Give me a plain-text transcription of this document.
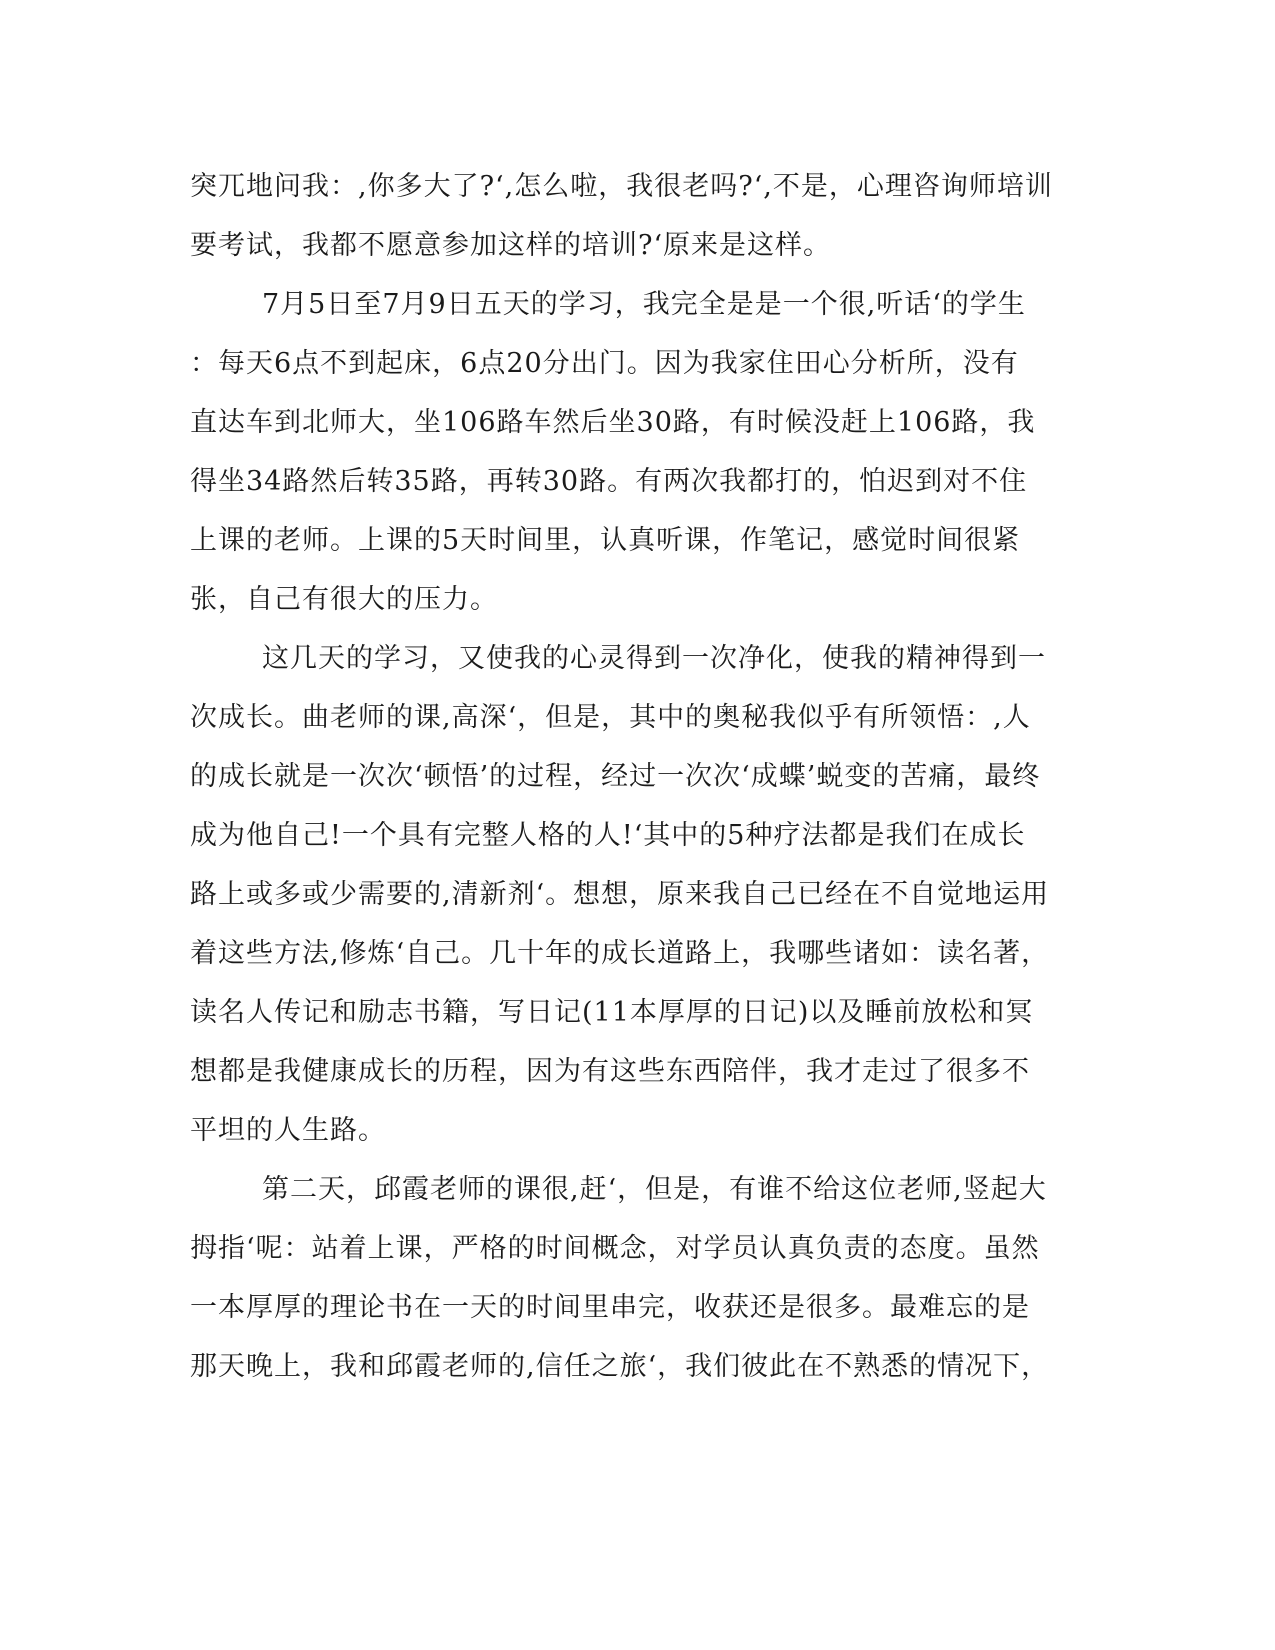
突兀地问我：,你多大了?‘,怎么啦，我很老吗?‘,不是，心理咨询师培训
要考试，我都不愿意参加这样的培训?‘原来是这样。
7月5日至7月9日五天的学习，我完全是是一个很,听话‘的学生
：每天6点不到起床，6点20分出门。因为我家住田心分析所，没有
直达车到北师大，坐106路车然后坐30路，有时候没赶上106路，我
得坐34路然后转35路，再转30路。有两次我都打的，怕迟到对不住
上课的老师。上课的5天时间里，认真听课，作笔记，感觉时间很紧
张，自己有很大的压力。
这几天的学习，又使我的心灵得到一次净化，使我的精神得到一
次成长。曲老师的课,高深‘，但是，其中的奥秘我似乎有所领悟：,人
的成长就是一次次‘顿悟’的过程，经过一次次‘成蝶’蜕变的苦痛，最终
成为他自己!一个具有完整人格的人!‘其中的5种疗法都是我们在成长
路上或多或少需要的,清新剂‘。想想，原来我自己已经在不自觉地运用
着这些方法,修炼‘自己。几十年的成长道路上，我哪些诸如：读名著，
读名人传记和励志书籍，写日记(11本厚厚的日记)以及睡前放松和冥
想都是我健康成长的历程，因为有这些东西陪伴，我才走过了很多不
平坦的人生路。
第二天，邱霞老师的课很,赶‘，但是，有谁不给这位老师,竖起大
拇指‘呢：站着上课，严格的时间概念，对学员认真负责的态度。虽然
一本厚厚的理论书在一天的时间里串完，收获还是很多。最难忘的是
那天晚上，我和邱霞老师的,信任之旅‘，我们彼此在不熟悉的情况下，
